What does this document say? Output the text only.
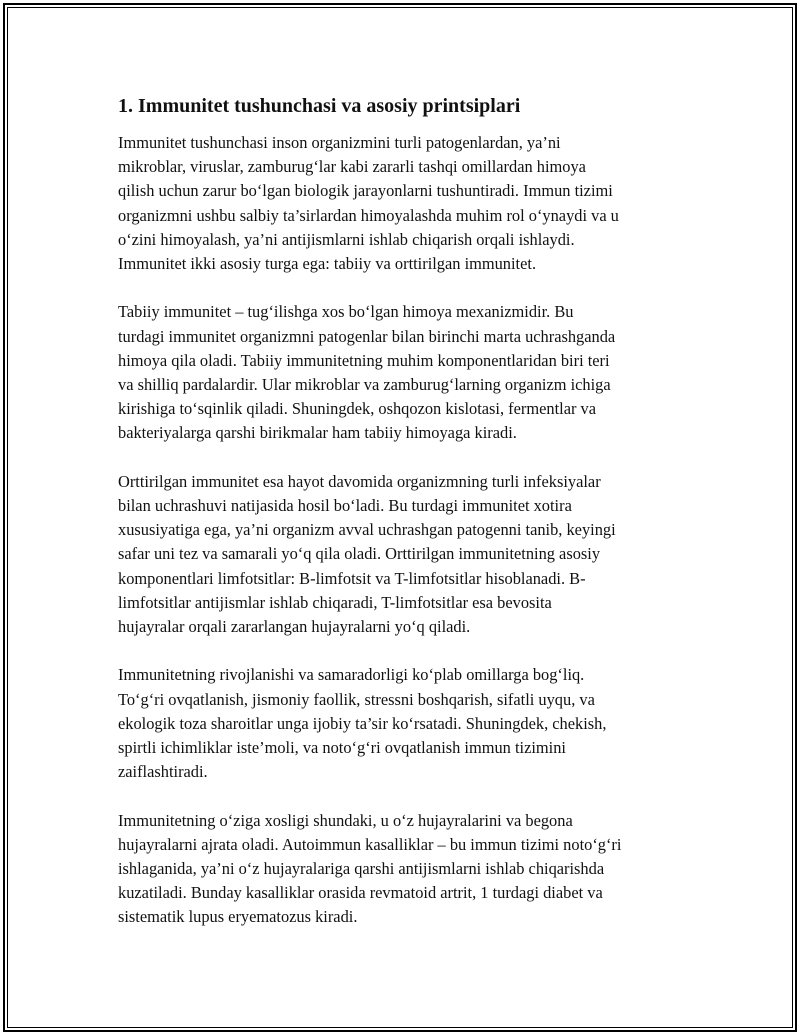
1. Immunitet tushunchasi va asosiy printsiplari

Immunitet tushunchasi inson organizmini turli patogenlardan, ya’ni
mikroblar, viruslar, zamburug‘lar kabi zararli tashqi omillardan himoya
qilish uchun zarur bo‘lgan biologik jarayonlarni tushuntiradi. Immun tizimi
organizmni ushbu salbiy ta’sirlardan himoyalashda muhim rol o‘ynaydi va u
o‘zini himoyalash, ya’ni antijismlarni ishlab chiqarish orqali ishlaydi.
Immunitet ikki asosiy turga ega: tabiiy va orttirilgan immunitet.

Tabiiy immunitet – tug‘ilishga xos bo‘lgan himoya mexanizmidir. Bu
turdagi immunitet organizmni patogenlar bilan birinchi marta uchrashganda
himoya qila oladi. Tabiiy immunitetning muhim komponentlaridan biri teri
va shilliq pardalardir. Ular mikroblar va zamburug‘larning organizm ichiga
kirishiga to‘sqinlik qiladi. Shuningdek, oshqozon kislotasi, fermentlar va
bakteriyalarga qarshi birikmalar ham tabiiy himoyaga kiradi.

Orttirilgan immunitet esa hayot davomida organizmning turli infeksiyalar
bilan uchrashuvi natijasida hosil bo‘ladi. Bu turdagi immunitet xotira
xususiyatiga ega, ya’ni organizm avval uchrashgan patogenni tanib, keyingi
safar uni tez va samarali yo‘q qila oladi. Orttirilgan immunitetning asosiy
komponentlari limfotsitlar: B-limfotsit va T-limfotsitlar hisoblanadi. B-
limfotsitlar antijismlar ishlab chiqaradi, T-limfotsitlar esa bevosita
hujayralar orqali zararlangan hujayralarni yo‘q qiladi.

Immunitetning rivojlanishi va samaradorligi ko‘plab omillarga bog‘liq.
To‘g‘ri ovqatlanish, jismoniy faollik, stressni boshqarish, sifatli uyqu, va
ekologik toza sharoitlar unga ijobiy ta’sir ko‘rsatadi. Shuningdek, chekish,
spirtli ichimliklar iste’moli, va noto‘g‘ri ovqatlanish immun tizimini
zaiflashtiradi.

Immunitetning o‘ziga xosligi shundaki, u o‘z hujayralarini va begona
hujayralarni ajrata oladi. Autoimmun kasalliklar – bu immun tizimi noto‘g‘ri
ishlaganida, ya’ni o‘z hujayralariga qarshi antijismlarni ishlab chiqarishda
kuzatiladi. Bunday kasalliklar orasida revmatoid artrit, 1 turdagi diabet va
sistematik lupus eryematozus kiradi.
